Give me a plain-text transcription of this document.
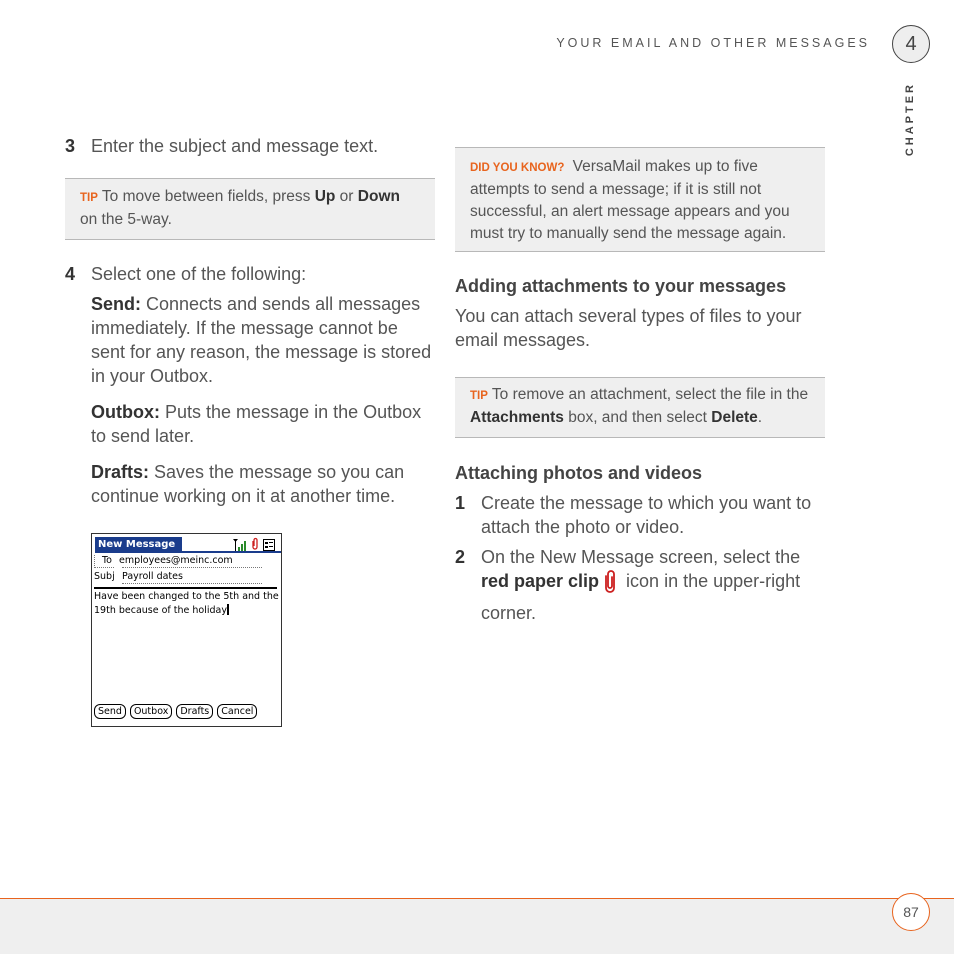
YOUR EMAIL AND OTHER MESSAGES	4
CHAPTER
3 Enter the subject and message text.
TIP To move between fields, press Up or Down on the 5-way.
4 Select one of the following:
Send: Connects and sends all messages immediately. If the message cannot be sent for any reason, the message is stored in your Outbox.
Outbox: Puts the message in the Outbox to send later.
Drafts: Saves the message so you can continue working on it at another time.
New Message
To employees@meinc.com
Subj Payroll dates
Have been changed to the 5th and the 19th because of the holiday
Send	Outbox	Drafts	Cancel
DID YOU KNOW? VersaMail makes up to five attempts to send a message; if it is still not successful, an alert message appears and you must try to manually send the message again.
Adding attachments to your messages
You can attach several types of files to your email messages.
TIP To remove an attachment, select the file in the Attachments box, and then select Delete.
Attaching photos and videos
1 Create the message to which you want to attach the photo or video.
2 On the New Message screen, select the red paper clip icon in the upper-right corner.
87
